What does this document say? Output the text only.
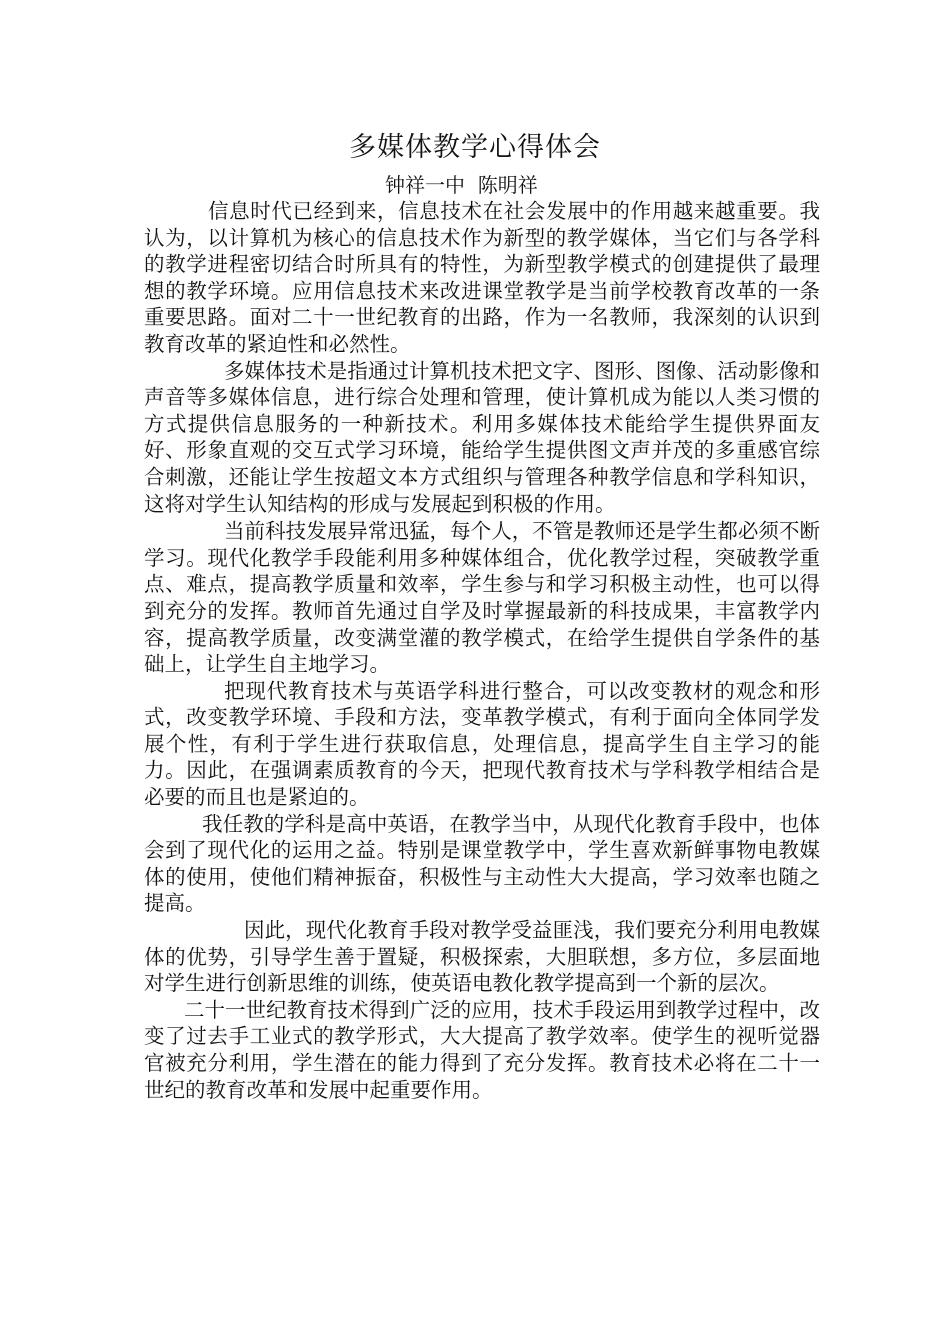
多媒体教学心得体会
钟祥一中  陈明祥

信息时代已经到来，信息技术在社会发展中的作用越来越重要。我认为，以计算机为核心的信息技术作为新型的教学媒体，当它们与各学科的教学进程密切结合时所具有的特性，为新型教学模式的创建提供了最理想的教学环境。应用信息技术来改进课堂教学是当前学校教育改革的一条重要思路。面对二十一世纪教育的出路，作为一名教师，我深刻的认识到教育改革的紧迫性和必然性。

多媒体技术是指通过计算机技术把文字、图形、图像、活动影像和声音等多媒体信息，进行综合处理和管理，使计算机成为能以人类习惯的方式提供信息服务的一种新技术。利用多媒体技术能给学生提供界面友好、形象直观的交互式学习环境，能给学生提供图文声并茂的多重感官综合刺激，还能让学生按超文本方式组织与管理各种教学信息和学科知识，这将对学生认知结构的形成与发展起到积极的作用。

当前科技发展异常迅猛，每个人，不管是教师还是学生都必须不断学习。现代化教学手段能利用多种媒体组合，优化教学过程，突破教学重点、难点，提高教学质量和效率，学生参与和学习积极主动性，也可以得到充分的发挥。教师首先通过自学及时掌握最新的科技成果，丰富教学内容，提高教学质量，改变满堂灌的教学模式，在给学生提供自学条件的基础上，让学生自主地学习。

把现代教育技术与英语学科进行整合，可以改变教材的观念和形式，改变教学环境、手段和方法，变革教学模式，有利于面向全体同学发展个性，有利于学生进行获取信息，处理信息，提高学生自主学习的能力。因此，在强调素质教育的今天，把现代教育技术与学科教学相结合是必要的而且也是紧迫的。

我任教的学科是高中英语，在教学当中，从现代化教育手段中，也体会到了现代化的运用之益。特别是课堂教学中，学生喜欢新鲜事物电教媒体的使用，使他们精神振奋，积极性与主动性大大提高，学习效率也随之提高。

因此，现代化教育手段对教学受益匪浅，我们要充分利用电教媒体的优势，引导学生善于置疑，积极探索，大胆联想，多方位，多层面地对学生进行创新思维的训练，使英语电教化教学提高到一个新的层次。

二十一世纪教育技术得到广泛的应用，技术手段运用到教学过程中，改变了过去手工业式的教学形式，大大提高了教学效率。使学生的视听觉器官被充分利用，学生潜在的能力得到了充分发挥。教育技术必将在二十一世纪的教育改革和发展中起重要作用。
